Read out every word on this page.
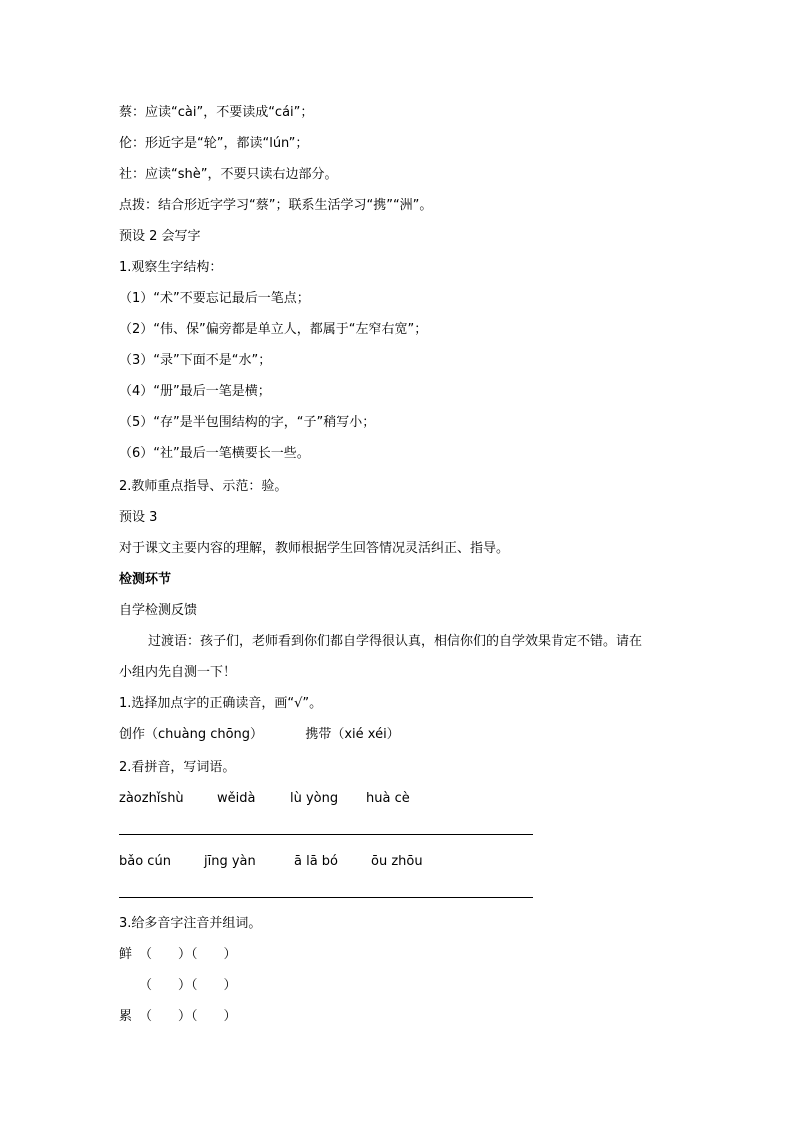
蔡：应读“cài”，不要读成“cái”；
伦：形近字是“轮”，都读“lún”；
社：应读“shè”，不要只读右边部分。
点拨：结合形近字学习“蔡”；联系生活学习“携”“洲”。
预设 2 会写字
1.观察生字结构：
（1）“术”不要忘记最后一笔点；
（2）“伟、保”偏旁都是单立人，都属于“左窄右宽”；
（3）“录”下面不是“水”；
（4）“册”最后一笔是横；
（5）“存”是半包围结构的字，“子”稍写小；
（6）“社”最后一笔横要长一些。
2.教师重点指导、示范：验。
预设 3
对于课文主要内容的理解，教师根据学生回答情况灵活纠正、指导。
检测环节
自学检测反馈
过渡语：孩子们，老师看到你们都自学得很认真，相信你们的自学效果肯定不错。请在
小组内先自测一下！
1.选择加点字的正确读音，画“√”。
创作（chuàng chōng）	携带（xié xéi）
2.看拼音，写词语。
zàozhǐshù	wěidà	lù yòng huà cè
bǎo cún	jīng yàn	ā lā bó	ōu zhōu
3.给多音字注音并组词。
鲜 （　　）（　　）
（　　）（　　）
累 （　　）（　　）
